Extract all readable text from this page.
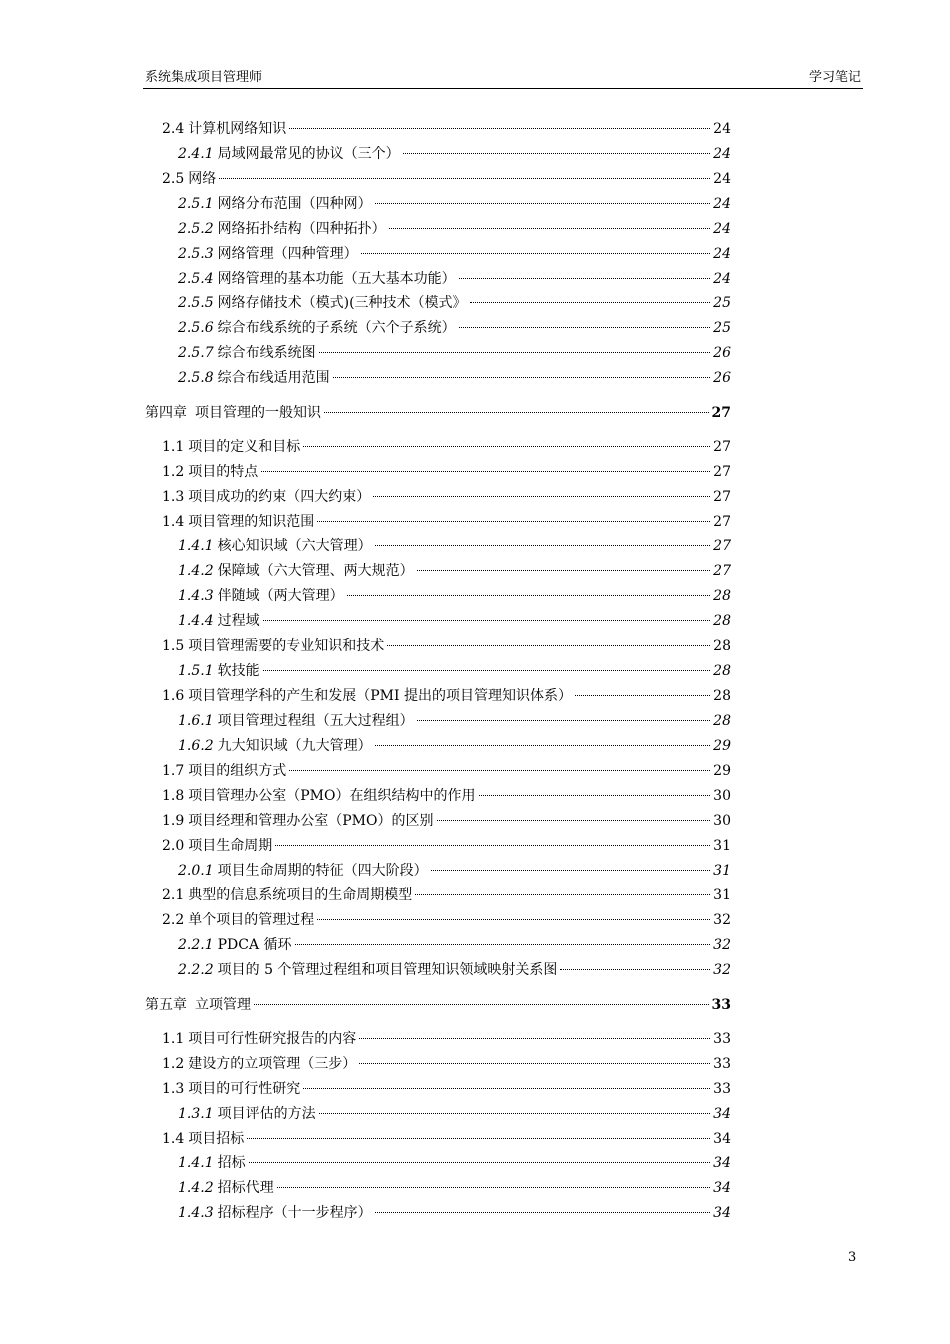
系统集成项目管理师	学习笔记
2.4 计算机网络知识	24
2.4.1 局域网最常见的协议（三个）	24
2.5 网络	24
2.5.1 网络分布范围（四种网）	24
2.5.2 网络拓扑结构（四种拓扑）	24
2.5.3 网络管理（四种管理）	24
2.5.4 网络管理的基本功能（五大基本功能）	24
2.5.5 网络存储技术（模式)(三种技术（模式》	25
2.5.6 综合布线系统的子系统（六个子系统）	25
2.5.7 综合布线系统图	26
2.5.8 综合布线适用范围	26
第四章 项目管理的一般知识	27
1.1 项目的定义和目标	27
1.2 项目的特点	27
1.3 项目成功的约束（四大约束）	27
1.4 项目管理的知识范围	27
1.4.1 核心知识域（六大管理）	27
1.4.2 保障域（六大管理、两大规范）	27
1.4.3 伴随域（两大管理）	28
1.4.4 过程域	28
1.5 项目管理需要的专业知识和技术	28
1.5.1 软技能	28
1.6 项目管理学科的产生和发展（PMI 提出的项目管理知识体系）	28
1.6.1 项目管理过程组（五大过程组）	28
1.6.2 九大知识域（九大管理）	29
1.7 项目的组织方式	29
1.8 项目管理办公室（PMO）在组织结构中的作用	30
1.9 项目经理和管理办公室（PMO）的区别	30
2.0 项目生命周期	31
2.0.1 项目生命周期的特征（四大阶段）	31
2.1 典型的信息系统项目的生命周期模型	31
2.2 单个项目的管理过程	32
2.2.1 PDCA 循环	32
2.2.2 项目的 5 个管理过程组和项目管理知识领域映射关系图	32
第五章 立项管理	33
1.1 项目可行性研究报告的内容	33
1.2 建设方的立项管理（三步）	33
1.3 项目的可行性研究	33
1.3.1 项目评估的方法	34
1.4 项目招标	34
1.4.1 招标	34
1.4.2 招标代理	34
1.4.3 招标程序（十一步程序）	34
3
